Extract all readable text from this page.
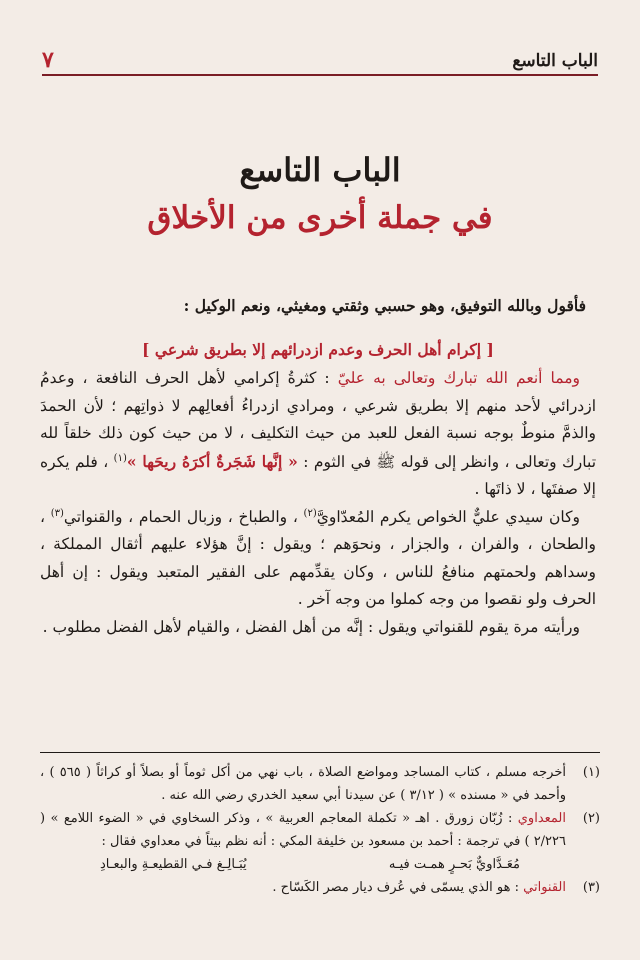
الباب التاسع
٧
الباب التاسع
في جملة أخرى من الأخلاق

فأقول وبالله التوفيق، وهو حسبي وثقتي ومغيثي، ونعم الوكيل :

[ إكرام أهل الحرف وعدم ازدرائهم إلا بطريق شرعي ]

ومما أنعم الله تبارك وتعالى به عليّ : كثرةُ إكرامي لأهل الحرف النافعة ، وعدمُ ازدرائي لأحد منهم إلا بطريق شرعي ، ومرادي ازدراءُ أفعالِهم لا ذواتِهم ؛ لأن الحمدَ والذمَّ منوطٌ بوجه نسبة الفعل للعبد من حيث التكليف ، لا من حيث كون ذلك خلقاً لله تبارك وتعالى ، وانظر إلى قوله ﷺ في الثوم : « إنَّها شَجَرةٌ أكرَهُ ريحَها »$^{(١)}$ ، فلم يكره إلا صفتَها ، لا ذاتَها .

وكان سيدي عليٌّ الخواص يكرم المُعدّاويَّ$^{(٢)}$ ، والطباخ ، وزبال الحمام ، والقنواتي$^{(٣)}$ ، والطحان ، والفران ، والجزار ، ونحوَهم ؛ ويقول : إنَّ هؤلاء عليهم أثقال المملكة ، وسداهم ولحمتهم منافعُ للناس ، وكان يقدِّمهم على الفقير المتعبد ويقول : إن أهل الحرف ولو نقصوا من وجه كملوا من وجه آخر .

ورأيته مرة يقوم للقنواتي ويقول : إنَّه من أهل الفضل ، والقيام لأهل الفضل مطلوب .

(١)
أخرجه مسلم ، كتاب المساجد ومواضع الصلاة ، باب نهي من أكل ثوماً أو بصلاً أو كراثاً ( ٥٦٥ ) ، وأحمد في « مسنده » ( ٣/١٢ ) عن سيدنا أبي سعيد الخدري رضي الله عنه .
(٢)
المعداوي : زُبّان زورق . اهـ « تكملة المعاجم العربية » ، وذكر السخاوي في « الضوء اللامع » ( ٢/٢٢٦ ) في ترجمة : أحمد بن مسعود بن خليفة المكي : أنه نظم بيتاً في معداوي فقال :
مُعَـدَّاويٌّ بَحـرٍ همـت فيـه
يُبَـالِـغ فـي القطيعـةِ والبعـادِ
(٣)
القنواتي : هو الذي يسمّى في عُرف ديار مصر الكَسّاح .
